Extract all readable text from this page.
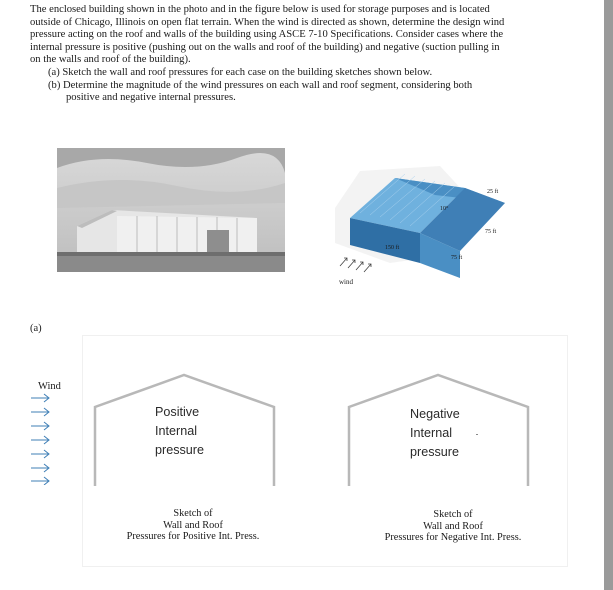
The enclosed building shown in the photo and in the figure below is used for storage purposes and is located

outside of Chicago, Illinois on open flat terrain. When the wind is directed as shown, determine the design wind

pressure acting on the roof and walls of the building using ASCE 7-10 Specifications. Consider cases where the

internal pressure is positive (pushing out on the walls and roof of the building) and negative (suction pulling in

on the walls and roof of the building).

(a) Sketch the wall and roof pressures for each case on the building sketches shown below.

(b) Determine the magnitude of the wind pressures on each wall and roof segment, considering both
positive and negative internal pressures.

150 ft
10°
25 ft
75 ft
75 ft
wind
(a)
Wind
Positive
Internal
pressure
Negative
Internal
pressure
Sketch of
Wall and Roof
Pressures for Positive Int. Press.
Sketch of
Wall and Roof
Pressures for Negative Int. Press.
